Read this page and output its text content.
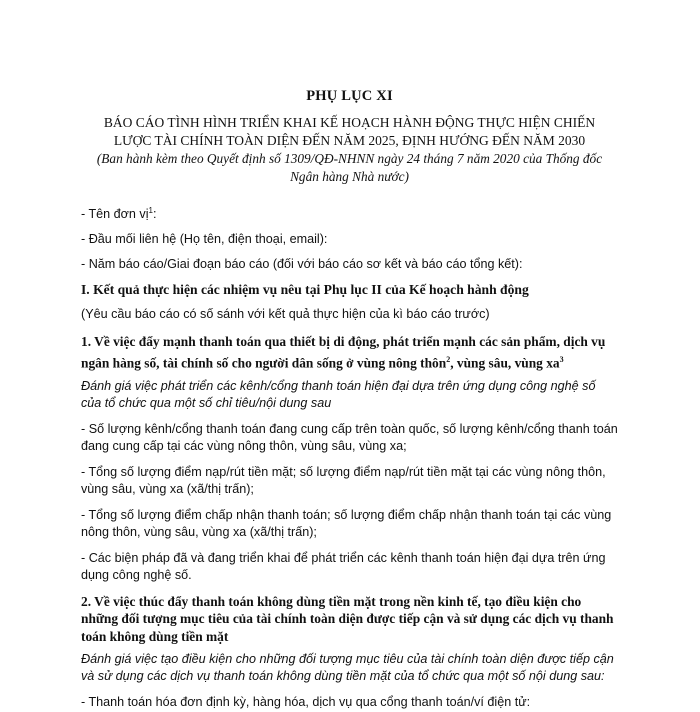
PHỤ LỤC XI

BÁO CÁO TÌNH HÌNH TRIỂN KHAI KẾ HOẠCH HÀNH ĐỘNG THỰC HIỆN CHIẾN
LƯỢC TÀI CHÍNH TOÀN DIỆN ĐẾN NĂM 2025, ĐỊNH HƯỚNG ĐẾN NĂM 2030

(Ban hành kèm theo Quyết định số 1309/QĐ-NHNN ngày 24 tháng 7 năm 2020 của Thống đốc Ngân hàng Nhà nước)

- Tên đơn vị$^1$:

- Đầu mối liên hệ (Họ tên, điện thoại, email):

- Năm báo cáo/Giai đoạn báo cáo (đối với báo cáo sơ kết và báo cáo tổng kết):

I. Kết quả thực hiện các nhiệm vụ nêu tại Phụ lục II của Kế hoạch hành động

(Yêu cầu báo cáo có số sánh với kết quả thực hiện của kì báo cáo trước)

1. Về việc đẩy mạnh thanh toán qua thiết bị di động, phát triển mạnh các sản phẩm, dịch vụ ngân hàng số, tài chính số cho người dân sống ở vùng nông thôn$^2$, vùng sâu, vùng $xa^3$

Đánh giá việc phát triển các kênh/cổng thanh toán hiện đại dựa trên ứng dụng công nghệ số của tổ chức qua một số chỉ tiêu/nội dung sau

- Số lượng kênh/cổng thanh toán đang cung cấp trên toàn quốc, số lượng kênh/cổng thanh toán đang cung cấp tại các vùng nông thôn, vùng sâu, vùng xa;

- Tổng số lượng điểm nạp/rút tiền mặt; số lượng điểm nạp/rút tiền mặt tại các vùng nông thôn, vùng sâu, vùng xa (xã/thị trấn);

- Tổng số lượng điểm chấp nhận thanh toán; số lượng điểm chấp nhận thanh toán tại các vùng nông thôn, vùng sâu, vùng xa (xã/thị trấn);

- Các biện pháp đã và đang triển khai để phát triển các kênh thanh toán hiện đại dựa trên ứng dụng công nghệ số.

2. Về việc thúc đẩy thanh toán không dùng tiền mặt trong nền kinh tế, tạo điều kiện cho những đối tượng mục tiêu của tài chính toàn diện được tiếp cận và sử dụng các dịch vụ thanh toán không dùng tiền mặt

Đánh giá việc tạo điều kiện cho những đối tượng mục tiêu của tài chính toàn diện được tiếp cận và sử dụng các dịch vụ thanh toán không dùng tiền mặt của tổ chức qua một số nội dung sau:

- Thanh toán hóa đơn định kỳ, hàng hóa, dịch vụ qua cổng thanh toán/ví điện tử:
